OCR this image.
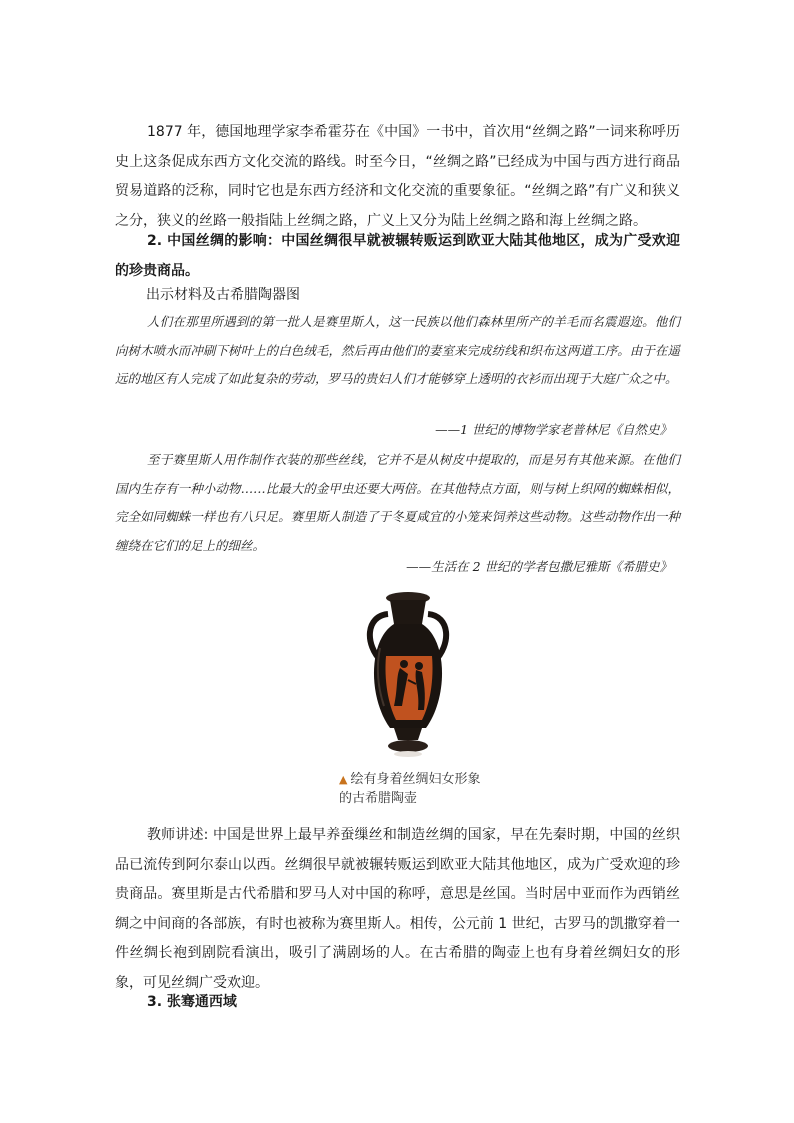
1877 年，德国地理学家李希霍芬在《中国》一书中，首次用“丝绸之路”一词来称呼历史上这条促成东西方文化交流的路线。时至今日，“丝绸之路”已经成为中国与西方进行商品贸易道路的泛称，同时它也是东西方经济和文化交流的重要象征。“丝绸之路”有广义和狭义之分，狭义的丝路一般指陆上丝绸之路，广义上又分为陆上丝绸之路和海上丝绸之路。
2. 中国丝绸的影响：中国丝绸很早就被辗转贩运到欧亚大陆其他地区，成为广受欢迎的珍贵商品。
出示材料及古希腊陶器图
人们在那里所遇到的第一批人是赛里斯人，这一民族以他们森林里所产的羊毛而名震遐迩。他们向树木喷水而冲刷下树叶上的白色绒毛，然后再由他们的妻室来完成纺线和织布这两道工序。由于在遥远的地区有人完成了如此复杂的劳动，罗马的贵妇人们才能够穿上透明的衣衫而出现于大庭广众之中。
——1 世纪的博物学家老普林尼《自然史》
至于赛里斯人用作制作衣装的那些丝线，它并不是从树皮中提取的，而是另有其他来源。在他们国内生存有一种小动物……比最大的金甲虫还要大两倍。在其他特点方面，则与树上织网的蜘蛛相似，完全如同蜘蛛一样也有八只足。赛里斯人制造了于冬夏咸宜的小笼来饲养这些动物。这些动物作出一种缠绕在它们的足上的细丝。
——生活在 2 世纪的学者包撒尼雅斯《希腊史》
▲ 绘有身着丝绸妇女形象
的古希腊陶壶
教师讲述: 中国是世界上最早养蚕缫丝和制造丝绸的国家，早在先秦时期，中国的丝织品已流传到阿尔泰山以西。丝绸很早就被辗转贩运到欧亚大陆其他地区，成为广受欢迎的珍贵商品。赛里斯是古代希腊和罗马人对中国的称呼，意思是丝国。当时居中亚而作为西销丝绸之中间商的各部族，有时也被称为赛里斯人。相传，公元前 1 世纪，古罗马的凯撒穿着一件丝绸长袍到剧院看演出，吸引了满剧场的人。在古希腊的陶壶上也有身着丝绸妇女的形象，可见丝绸广受欢迎。
3. 张骞通西域
